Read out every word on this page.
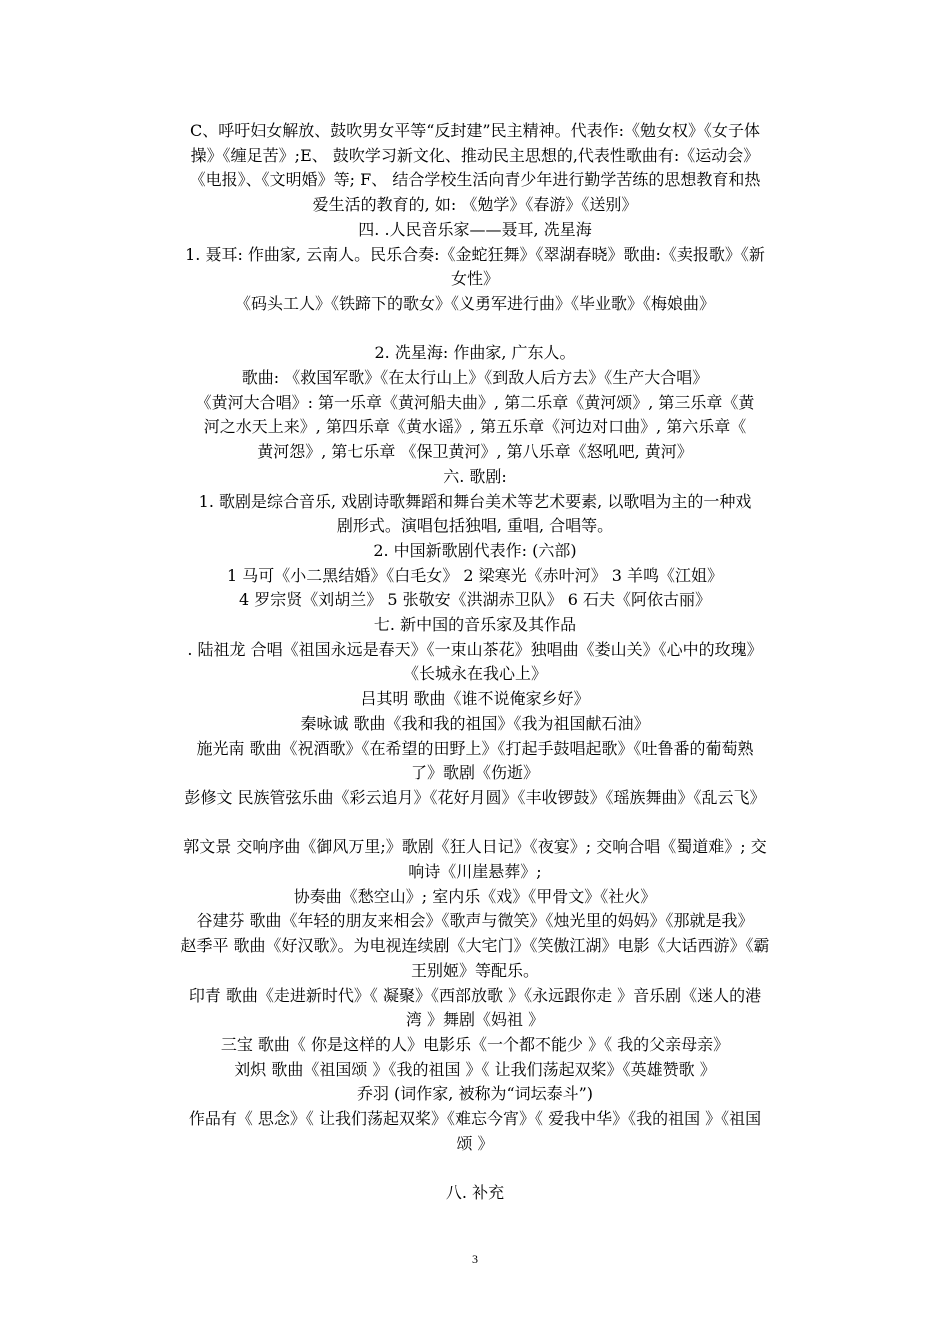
C、呼吁妇女解放、鼓吹男女平等“反封建”民主精神。代表作:《勉女权》《女子体

操》《缠足苦》;E、 鼓吹学习新文化、推动民主思想的,代表性歌曲有:《运动会》

《电报》、《文明婚》等; F、 结合学校生活向青少年进行勤学苦练的思想教育和热

爱生活的教育的, 如: 《勉学》《春游》《送别》

四. .人民音乐家——聂耳, 冼星海

1. 聂耳: 作曲家, 云南人。民乐合奏:《金蛇狂舞》《翠湖春晓》歌曲:《卖报歌》《新

女性》

《码头工人》《铁蹄下的歌女》《义勇军进行曲》《毕业歌》《梅娘曲》

2. 冼星海: 作曲家, 广东人。

歌曲: 《救国军歌》《在太行山上》《到敌人后方去》《生产大合唱》

《黄河大合唱》: 第一乐章《黄河船夫曲》, 第二乐章《黄河颂》, 第三乐章《黄

河之水天上来》, 第四乐章《黄水谣》, 第五乐章《河边对口曲》, 第六乐章《

黄河怨》, 第七乐章 《保卫黄河》, 第八乐章《怒吼吧, 黄河》

六. 歌剧:

1. 歌剧是综合音乐, 戏剧诗歌舞蹈和舞台美术等艺术要素, 以歌唱为主的一种戏

剧形式。演唱包括独唱, 重唱, 合唱等。

2. 中国新歌剧代表作: (六部)

1 马可《小二黑结婚》《白毛女》 2 梁寒光《赤叶河》 3 羊鸣《江姐》

4 罗宗贤《刘胡兰》 5 张敬安《洪湖赤卫队》 6 石夫《阿依古丽》

七. 新中国的音乐家及其作品

. 陆祖龙 合唱《祖国永远是春天》《一束山茶花》独唱曲《娄山关》《心中的玫瑰》

《长城永在我心上》

吕其明 歌曲《谁不说俺家乡好》

秦咏诚 歌曲《我和我的祖国》《我为祖国献石油》

施光南 歌曲《祝酒歌》《在希望的田野上》《打起手鼓唱起歌》《吐鲁番的葡萄熟

了》歌剧《伤逝》

彭修文 民族管弦乐曲《彩云追月》《花好月圆》《丰收锣鼓》《瑶族舞曲》《乱云飞》

郭文景 交响序曲《御风万里;》歌剧《狂人日记》《夜宴》; 交响合唱《蜀道难》; 交

响诗《川崖悬葬》;

协奏曲《愁空山》; 室内乐《戏》《甲骨文》《社火》

谷建芬 歌曲《年轻的朋友来相会》《歌声与微笑》《烛光里的妈妈》《那就是我》

赵季平 歌曲《好汉歌》。为电视连续剧《大宅门》《笑傲江湖》电影《大话西游》《霸

王别姬》等配乐。

印青 歌曲《走进新时代》《 凝聚》《西部放歌 》《永远跟你走 》音乐剧《迷人的港

湾 》舞剧《妈祖 》

三宝 歌曲《 你是这样的人》电影乐《一个都不能少 》《 我的父亲母亲》

刘炽 歌曲《祖国颂 》《我的祖国 》《 让我们荡起双桨》《英雄赞歌 》

乔羽 (词作家, 被称为“词坛泰斗”)

作品有《 思念》《 让我们荡起双桨》《难忘今宵》《 爱我中华》《我的祖国 》《祖国

颂 》

八. 补充

3
